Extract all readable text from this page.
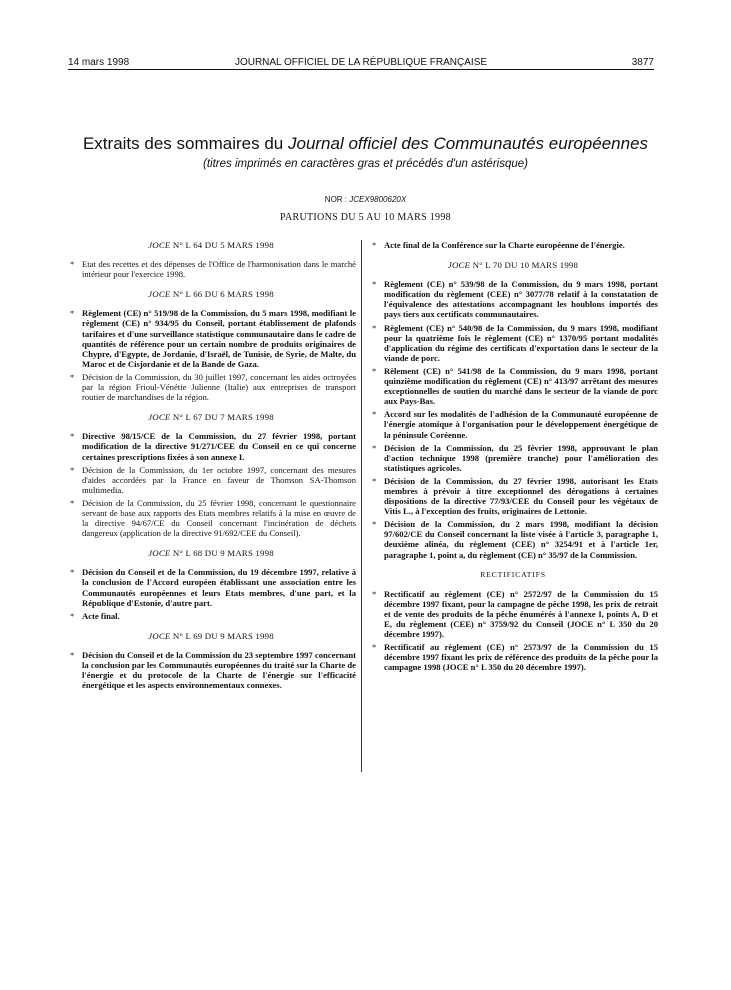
14 mars 1998	JOURNAL OFFICIEL DE LA RÉPUBLIQUE FRANÇAISE	3877
Extraits des sommaires du Journal officiel des Communautés européennes
(titres imprimés en caractères gras et précédés d'un astérisque)
NOR : JCEX9800620X
PARUTIONS DU 5 AU 10 MARS 1998
JOCE N° L 64 DU 5 MARS 1998
* Etat des recettes et des dépenses de l'Office de l'harmonisation dans le marché intérieur pour l'exercice 1998.
JOCE N° L 66 DU 6 MARS 1998
* Règlement (CE) n° 519/98 de la Commission, du 5 mars 1998, modifiant le règlement (CE) n° 934/95 du Conseil, portant établissement de plafonds tarifaires et d'une surveillance statistique communautaire dans le cadre de quantités de référence pour un certain nombre de produits originaires de Chypre, d'Egypte, de Jordanie, d'Israël, de Tunisie, de Syrie, de Malte, du Maroc et de Cisjordanie et de la Bande de Gaza.
* Décision de la Commission, du 30 juillet 1997, concernant les aides octroyées par la région Frioul-Vénétie Julienne (Italie) aux entreprises de transport routier de marchandises de la région.
JOCE N° L 67 DU 7 MARS 1998
* Directive 98/15/CE de la Commission, du 27 février 1998, portant modification de la directive 91/271/CEE du Conseil en ce qui concerne certaines prescriptions fixées à son annexe I.
* Décision de la Commission, du 1er octobre 1997, concernant des mesures d'aides accordées par la France en faveur de Thomson SA-Thomson multimedia.
* Décision de la Commission, du 25 février 1998, concernant le questionnaire servant de base aux rapports des Etats membres relatifs à la mise en œuvre de la directive 94/67/CE du Conseil concernant l'incinération de déchets dangereux (application de la directive 91/692/CEE du Conseil).
JOCE N° L 68 DU 9 MARS 1998
* Décision du Conseil et de la Commission, du 19 décembre 1997, relative à la conclusion de l'Accord européen établissant une association entre les Communautés européennes et leurs Etats membres, d'une part, et la République d'Estonie, d'autre part.
* Acte final.
JOCE N° L 69 DU 9 MARS 1998
* Décision du Conseil et de la Commission du 23 septembre 1997 concernant la conclusion par les Communautés européennes du traité sur la Charte de l'énergie et du protocole de la Charte de l'énergie sur l'efficacité énergétique et les aspects environnementaux connexes.
* Acte final de la Conférence sur la Charte européenne de l'énergie.
JOCE N° L 70 DU 10 MARS 1998
* Règlement (CE) n° 539/98 de la Commission, du 9 mars 1998, portant modification du règlement (CEE) n° 3077/78 relatif à la constatation de l'équivalence des attestations accompagnant les houblons importés des pays tiers aux certificats communautaires.
* Règlement (CE) n° 540/98 de la Commission, du 9 mars 1998, modifiant pour la quatrième fois le règlement (CE) n° 1370/95 portant modalités d'application du régime des certificats d'exportation dans le secteur de la viande de porc.
* Rèlement (CE) n° 541/98 de la Commission, du 9 mars 1998, portant quinzième modification du règlement (CE) n° 413/97 arrêtant des mesures exceptionnelles de soutien du marché dans le secteur de la viande de porc aux Pays-Bas.
* Accord sur les modalités de l'adhésion de la Communauté européenne de l'énergie atomique à l'organisation pour le développement énergétique de la péninsule Coréenne.
* Décision de la Commission, du 25 février 1998, approuvant le plan d'action technique 1998 (première tranche) pour l'amélioration des statistiques agricoles.
* Décision de la Commission, du 27 février 1998, autorisant les Etats membres à prévoir à titre exceptionnel des dérogations à certaines dispositions de la directive 77/93/CEE du Conseil pour les végétaux de Vitis L., à l'exception des fruits, originaires de Lettonie.
* Décision de la Commission, du 2 mars 1998, modifiant la décision 97/602/CE du Conseil concernant la liste visée à l'article 3, paragraphe 1, deuxième alinéa, du règlement (CEE) n° 3254/91 et à l'article 1er, paragraphe 1, point a, du règlement (CE) n° 35/97 de la Commission.
RECTIFICATIFS
* Rectificatif au règlement (CE) n° 2572/97 de la Commission du 15 décembre 1997 fixant, pour la campagne de pêche 1998, les prix de retrait et de vente des produits de la pêche énumérés à l'annexe I, points A, D et E, du règlement (CEE) n° 3759/92 du Conseil (JOCE n° L 350 du 20 décembre 1997).
* Rectificatif au règlement (CE) n° 2573/97 de la Commission du 15 décembre 1997 fixant les prix de référence des produits de la pêche pour la campagne 1998 (JOCE n° L 350 du 20 décembre 1997).
